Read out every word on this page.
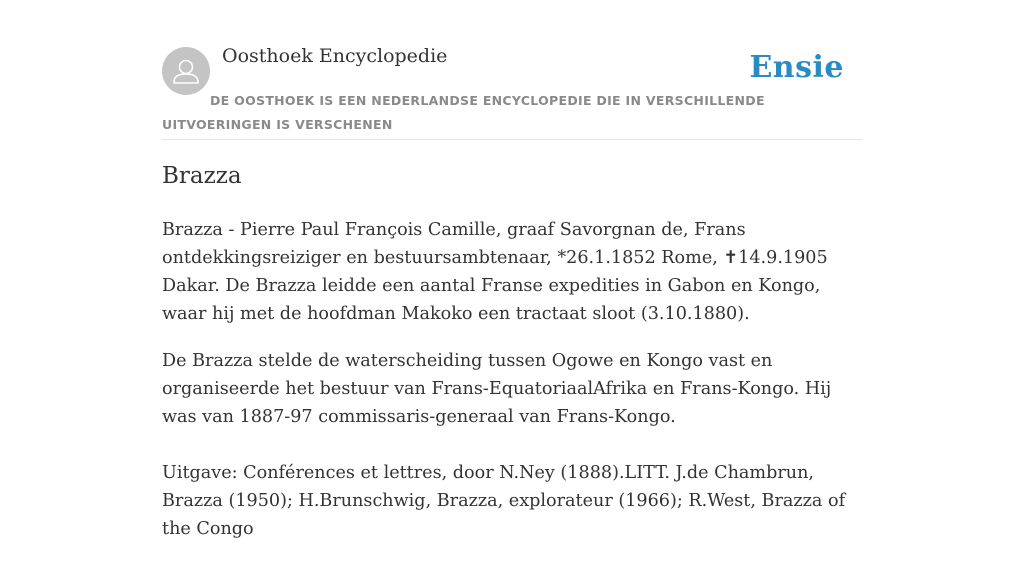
Oosthoek Encyclopedie	Ensie
DE OOSTHOEK IS EEN NEDERLANDSE ENCYCLOPEDIE DIE IN VERSCHILLENDE UITVOERINGEN IS VERSCHENEN
Brazza

Brazza - Pierre Paul François Camille, graaf Savorgnan de, Frans ontdekkingsreiziger en bestuursambtenaar, *26.1.1852 Rome, ✝14.9.1905 Dakar. De Brazza leidde een aantal Franse expedities in Gabon en Kongo, waar hij met de hoofdman Makoko een tractaat sloot (3.10.1880).

De Brazza stelde de waterscheiding tussen Ogowe en Kongo vast en organiseerde het bestuur van Frans-EquatoriaalAfrika en Frans-Kongo. Hij was van 1887-97 commissaris-generaal van Frans-Kongo.

Uitgave: Conférences et lettres, door N.Ney (1888).LITT. J.de Chambrun, Brazza (1950); H.Brunschwig, Brazza, explorateur (1966); R.West, Brazza of the Congo
